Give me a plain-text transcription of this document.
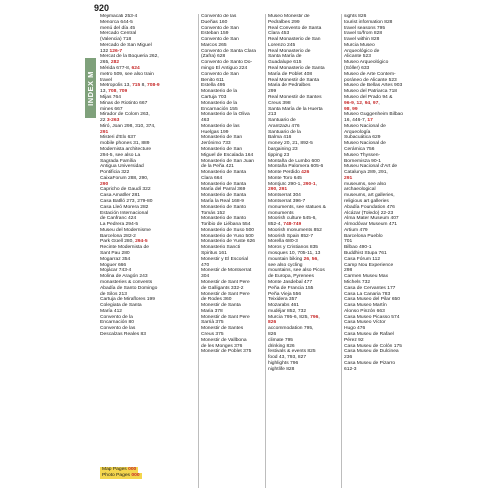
920
INDEX M
Mejimacati 253-4
Menorca 644-5
menú del día 45
Mercado Central
(Valencia) 718
Mercado de San Miguel
132 126-7
Mercat de la Boqueria 262,
265, 282
Mérida 677-8, 624
metro 509, see also train
travel
Metropolis 13, 715 8, 708-9
13, 708, 709
Mijas 764
Minas de Riotinto 667
mines 667
Mirador de Colom 263,
22 3-263
Miró, Joan 298, 310, 374,
291
Misteri d'Elx 637
mobile phones 31, 889
Modernista architecture
294-5, see also La
Sagrada Família
Antigua Universidad
Pontificia 322
CaixaForum 288, 290,
290
Capricho de Gaudí 322
Casa Amatller 281
Casa Batlló 273, 279-80
Casa Lleó Morera 282
Estación Internacional
de Canfranc 424
La Pedrera 294-5
Museu del Modernisme
Barcelona 282-2
Park Güell 280, 294-5
Recinte Modernista de
Sant Pau 280
Mogarraz 354
Moguer 666
Mojácar 743-4
Molina de Aragón 243
monasteries & convents
Abadía de Santo Domingo
de Silos 213
Cartuja de Miraflores 199
Colegiata de Santa
María 412
Convento de la
Encarnación 80
Convento de las
Descalzas Reales 83
Convento de las
Dueñas 160
Convento de San
Esteban 159
Convento de San
Marcos 265
Convento de Santa Clara
(Zafra) 628
Convento de Santo Do-
mingo El Antiguo 224
Convento de San
Benito 611
Estella 495
Monasterio de la
Cartuja 703
Monasterio de la
Encarnación 155
Monasterio de la Oliva
463
Monasterio de las
Huelgas 199
Monasterio de San
Jerónimo 733
Monasterio de San
Miguel de Escalada 164
Monasterio de San Juan
de la Peña 421
Monasterio de Santa
Clara 664
Monasterio de Santa
María del Parral 369
Monasterio de Santa
María la Real 168-9
Monasterio de Santo
Tomás 152
Monasterio de Santo
Toribio de Liébana 554
Monasterio de Suso 500
Monasterio de Yuso 500
Monasterio de Yuste 626
Monasterio Sancti
Spiritus 161
Monestir y El Escorial
470
Monestir de Montserrat
304
Monestir de Sant Pere
de Galligants 332-2
Monestir de Sant Pere
de Rodes 360
Monestir de Santa
Maria 378
Monestir de Sant Pere
Sarrià 375
Monestir de Santes
Creus 375
Monestir de Vallbona
de les Monges 376
Monestir de Poblet 375
Museo Monestir de
Pedralbes 299
Real Convento de Santa
Clara 453
Real Monasterio de San
Lorenzo 245
Real Monasterio de
Santa María de
Guadalupe 615
Real Monasterio de Santa
María de Poblet 408
Real Monestir de Santa
Maria de Pedralbes
299
Real Monestir de Santes
Creus 398
Santa María de la Huerta
213
Santuario de
Arantzazu 476
Santuario de la
Balma 416
money 20, 21, 892-5
bargaining 23
tipping 23
Montaña de Lumbo 600
Montaña Palomera 605-6
Monte Perdido 426
Monte Toro 645
Montjuïc 290-1, 290-1,
290, 291
Montserrat 304
Montserrat 396-7
monuments, see statues &
monuments
Moorish culture 545-6,
852-4, 748-749
Moorish monuments 852
Moorish Spain 852-7
Morella 680-3
Moros y Cristianos 835
mosques 10, 705-11, 13
mountain biking 26, 56,
see also cycling
mountains, see also Picos
de Europa, Pyrenees
Monte Jasdebal 477
Peña de Francia 155
Peña Vieja 556
Teixidera 357
Mozarabs 461
mudéjar 852, 732
Murcia 795-6, 825, 796,
826
accommodation 795,
826
climate 795
drinking 826
festivals & events 825
food 43, 793, 827
highlights 796
nightlife 828
sights 826
tourist information 828
travel seasons 795
travel to/from 828
travel within 828
Murcia Museo
Arqueológico de
Alicante 523
Museo Arqueológico
(Sóller) 633
Museo de Arte Contem-
poráneo de Alicante 523
Museo de Bellas Artes 903
Museo del Patriarca 718
Museo del Prado 94 &
96-9, 12, 94, 97,
98, 99
Museo Guggenheim Bilbao
16, 446-7, 17
Museo Nacional de
Arqueología
Subacuática 629
Museo Nacional de
Cerámica 756
Museo Thyssen-
Bornemisza 90-1
Museu Nacional d'Art de
Catalunya 289, 291,
291
museums, see also
archaeological
museums, art galleries,
religious art galleries
Abadía Foundation 476
Alcázar (Toledo) 22-23
Alma Mater Museum 407
Almodóvar Museum 471
Artium 479
Barcelona Pueblo
701
Bilbao 490-1
Buddhist Stupa 761
Casa Fórum 112
Camp Nou Experience
298
Carmen Museu Max
Michels 732
Casa de Cervantes 177
Casa La Canaria 783
Casa Museo del Pilar 650
Casa Museo Martín
Alonso Pinzón 663
Casa Museo Picasso 574
Casa Museo Víctor
Hugo 476
Casa Museu de Rafael
Pérez 92
Casa Museu de Colón 175
Casa Museu de Dulcinea
236
Casa Museu de Pizarro
612-3
Map Pages 000 Photo Pages 000
